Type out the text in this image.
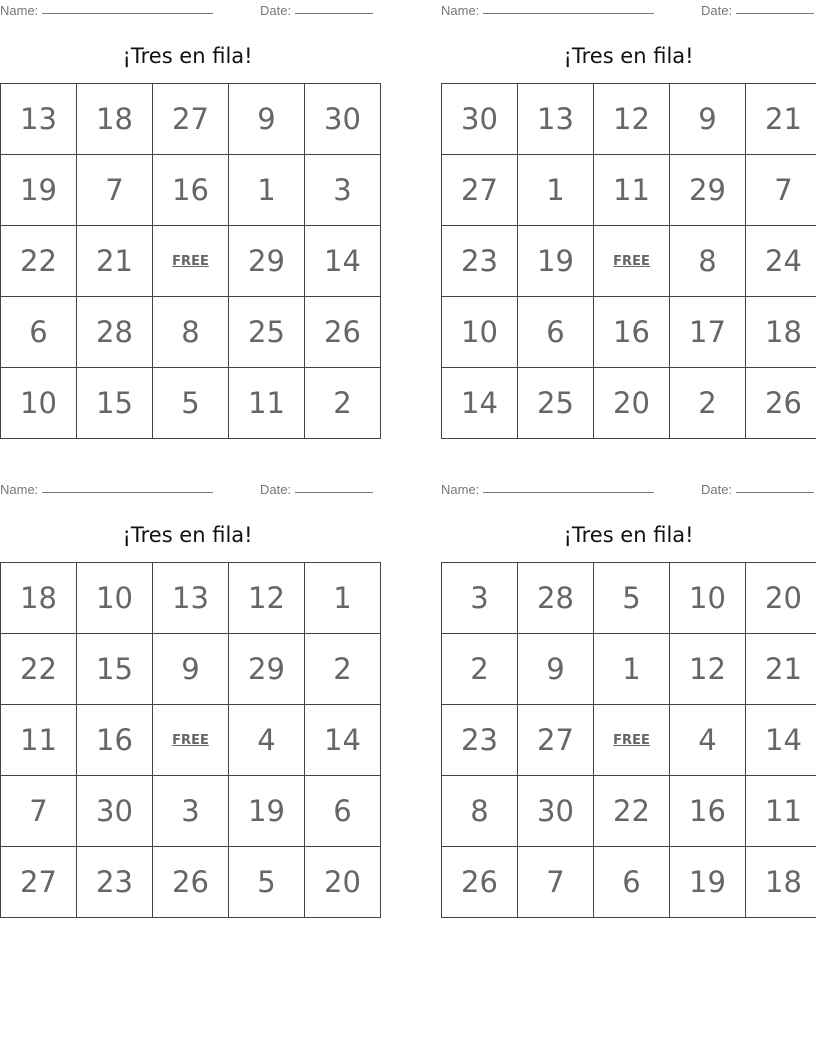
Name:	Date:
¡Tres en fila!
13	18	27	9	30
19	7	16	1	3
22	21	FREE	29	14
6	28	8	25	26
10	15	5	11	2
Name:	Date:
¡Tres en fila!
30	13	12	9	21
27	1	11	29	7
23	19	FREE	8	24
10	6	16	17	18
14	25	20	2	26
Name:	Date:
¡Tres en fila!
18	10	13	12	1
22	15	9	29	2
11	16	FREE	4	14
7	30	3	19	6
27	23	26	5	20
Name:	Date:
¡Tres en fila!
3	28	5	10	20
2	9	1	12	21
23	27	FREE	4	14
8	30	22	16	11
26	7	6	19	18
